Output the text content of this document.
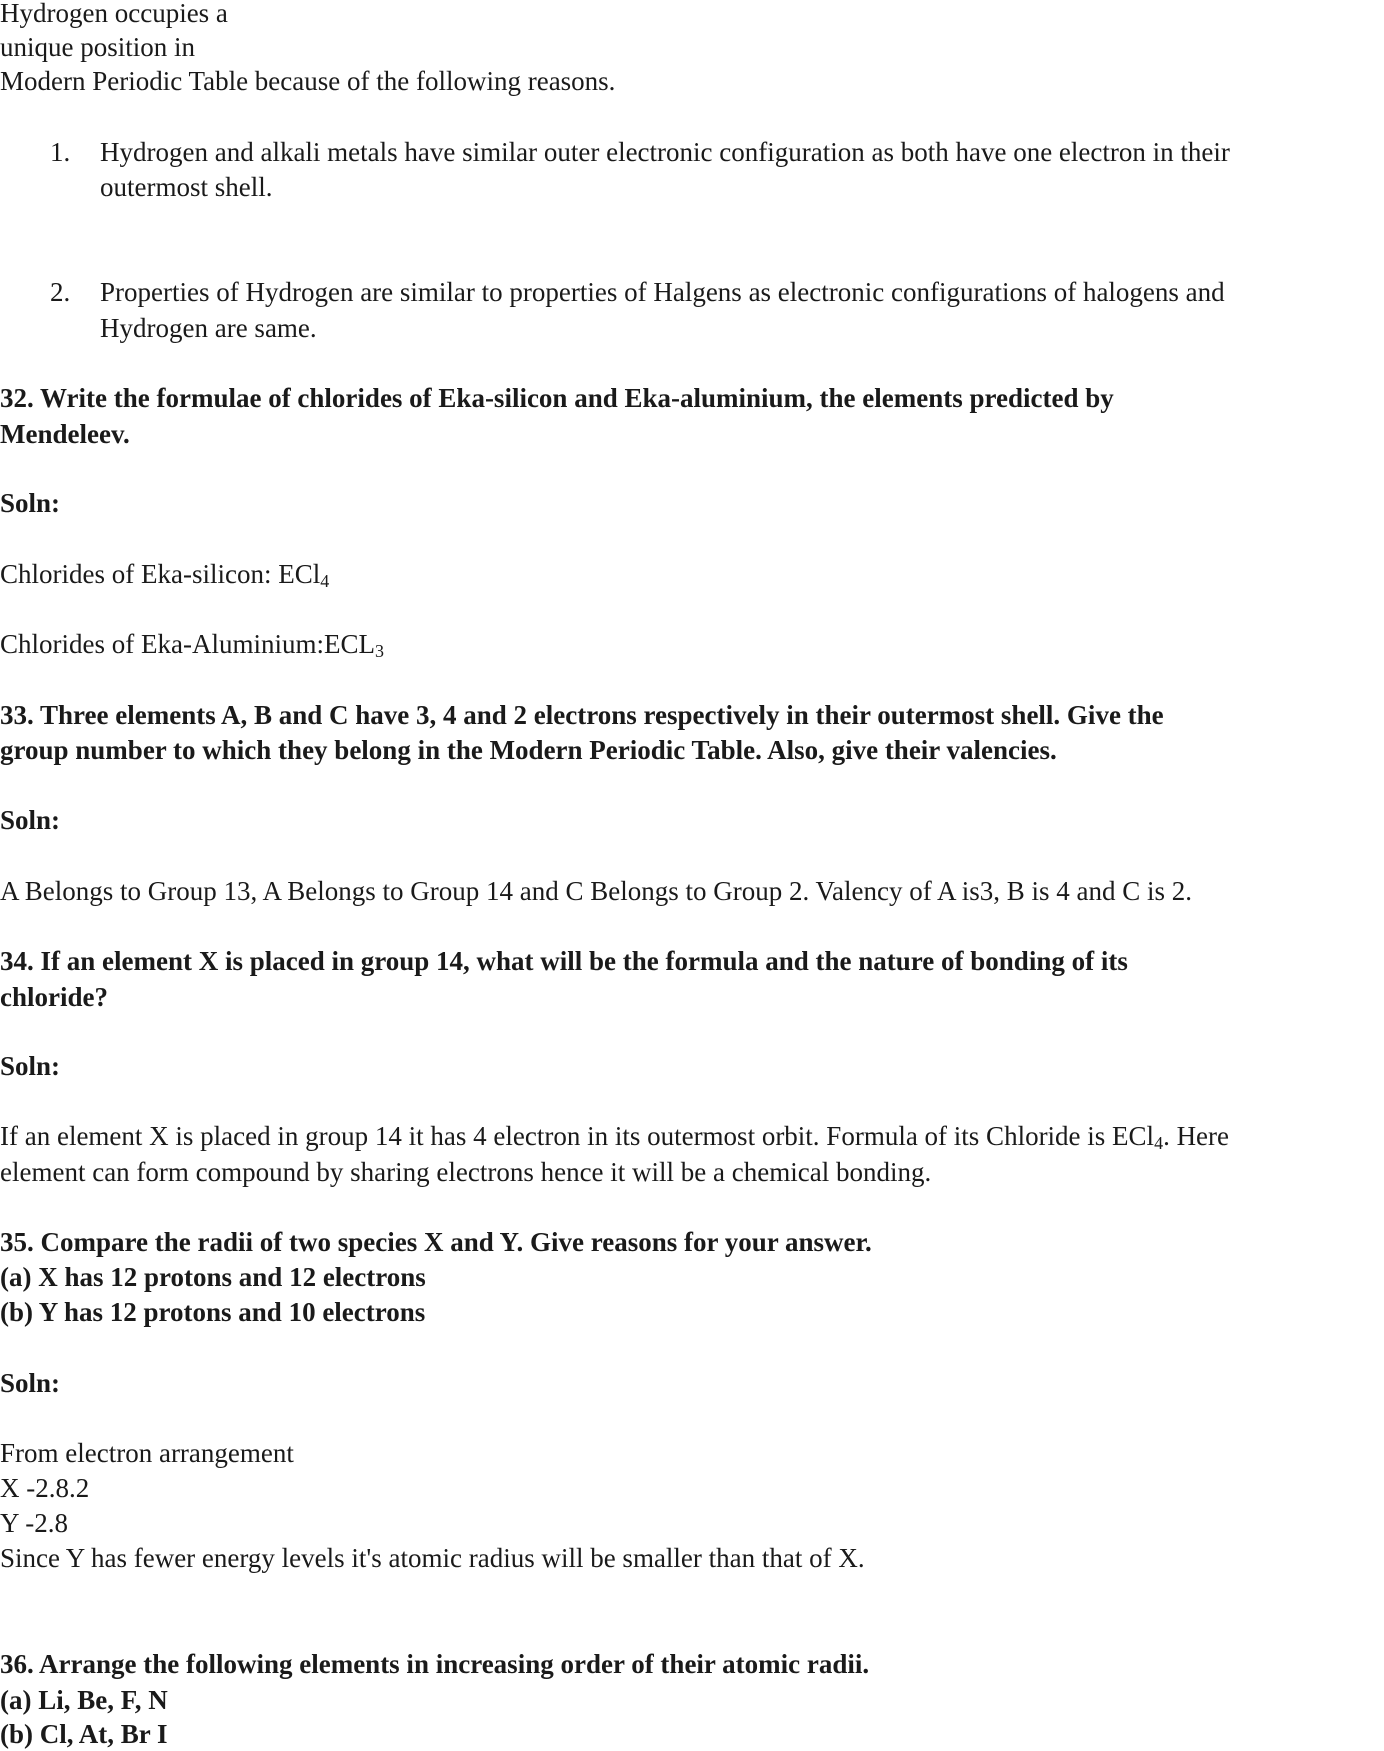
Hydrogen occupies a
unique position in
Modern Periodic Table because of the following reasons.
1. Hydrogen and alkali metals have similar outer electronic configuration as both have one electron in their
outermost shell.
2. Properties of Hydrogen are similar to properties of Halgens as electronic configurations of halogens and
Hydrogen are same.
32. Write the formulae of chlorides of Eka-silicon and Eka-aluminium, the elements predicted by
Mendeleev.
Soln:
Chlorides of Eka-silicon: ECl$_4$
Chlorides of Eka-$Aluminium:ECL_3$
33. Three elements A, B and C have 3, 4 and 2 electrons respectively in their outermost shell. Give the
group number to which they belong in the Modern Periodic Table. Also, give their valencies.
Soln:
A Belongs to Group 13, A Belongs to Group 14 and C Belongs to Group 2. Valency of A is3, B is 4 and C is 2.
34. If an element X is placed in group 14, what will be the formula and the nature of bonding of its
chloride?
Soln:
If an element X is placed in group 14 it has 4 electron in its outermost orbit. Formula of its Chloride is ECl$_4$. Here
element can form compound by sharing electrons hence it will be a chemical bonding.
35. Compare the radii of two species X and Y. Give reasons for your answer.
(a) X has 12 protons and 12 electrons
(b) Y has 12 protons and 10 electrons
Soln:
From electron arrangement
X -2.8.2
Y -2.8
Since Y has fewer energy levels it's atomic radius will be smaller than that of X.
36. Arrange the following elements in increasing order of their atomic radii.
(a) Li, Be, F, N
(b) Cl, At, Br I
